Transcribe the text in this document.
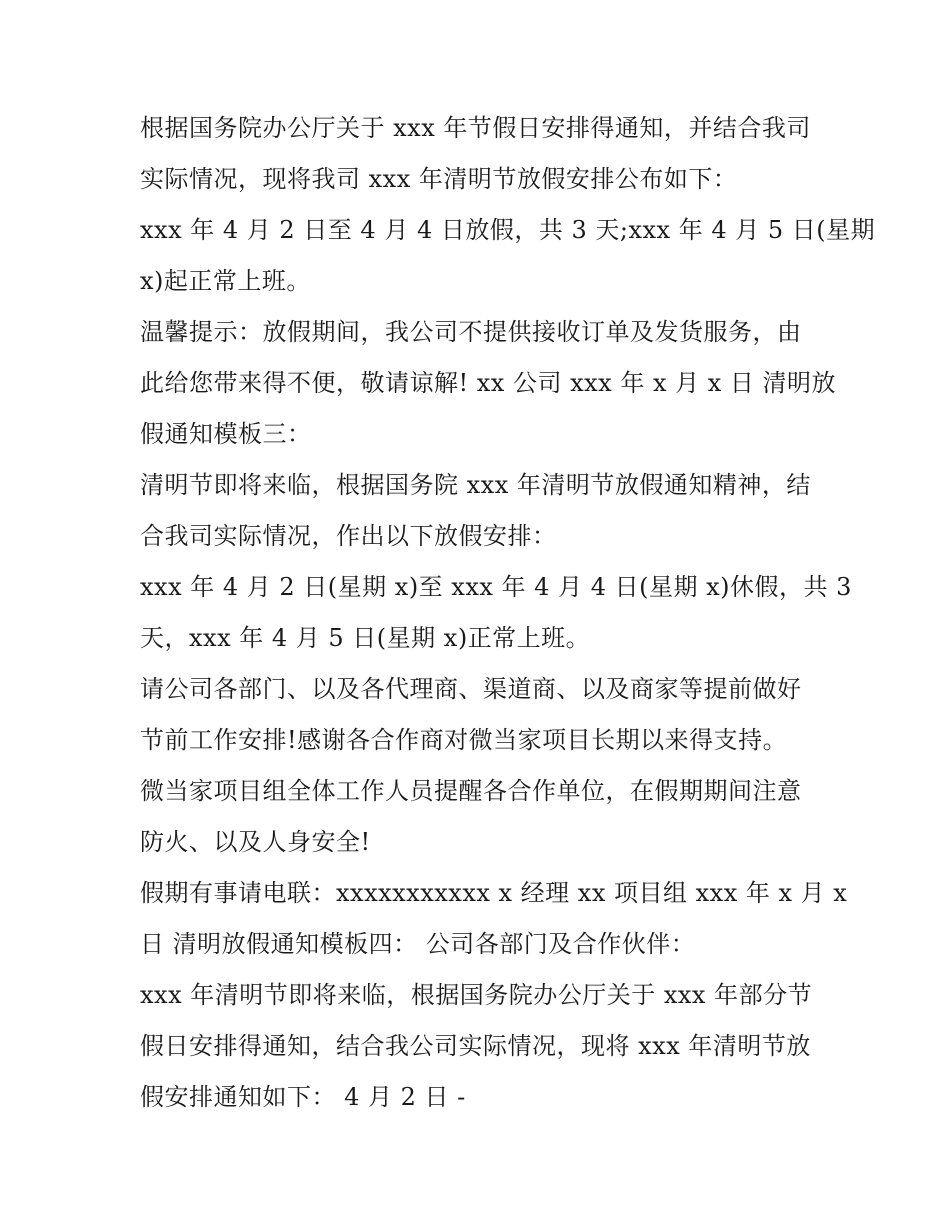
根据国务院办公厅关于 xxx 年节假日安排得通知，并结合我司
实际情况，现将我司 xxx 年清明节放假安排公布如下：
xxx 年 4 月 2 日至 4 月 4 日放假，共 3 天;xxx 年 4 月 5 日(星期
x)起正常上班。
温馨提示：放假期间，我公司不提供接收订单及发货服务，由
此给您带来得不便，敬请谅解! xx 公司 xxx 年 x 月 x 日 清明放
假通知模板三：
清明节即将来临，根据国务院 xxx 年清明节放假通知精神，结
合我司实际情况，作出以下放假安排：
xxx 年 4 月 2 日(星期 x)至 xxx 年 4 月 4 日(星期 x)休假，共 3
天，xxx 年 4 月 5 日(星期 x)正常上班。
请公司各部门、以及各代理商、渠道商、以及商家等提前做好
节前工作安排!感谢各合作商对微当家项目长期以来得支持。
微当家项目组全体工作人员提醒各合作单位，在假期期间注意
防火、以及人身安全!
假期有事请电联：xxxxxxxxxxx x 经理 xx 项目组 xxx 年 x 月 x
日 清明放假通知模板四： 公司各部门及合作伙伴：
xxx 年清明节即将来临，根据国务院办公厅关于 xxx 年部分节
假日安排得通知，结合我公司实际情况，现将 xxx 年清明节放
假安排通知如下： 4 月 2 日 -
